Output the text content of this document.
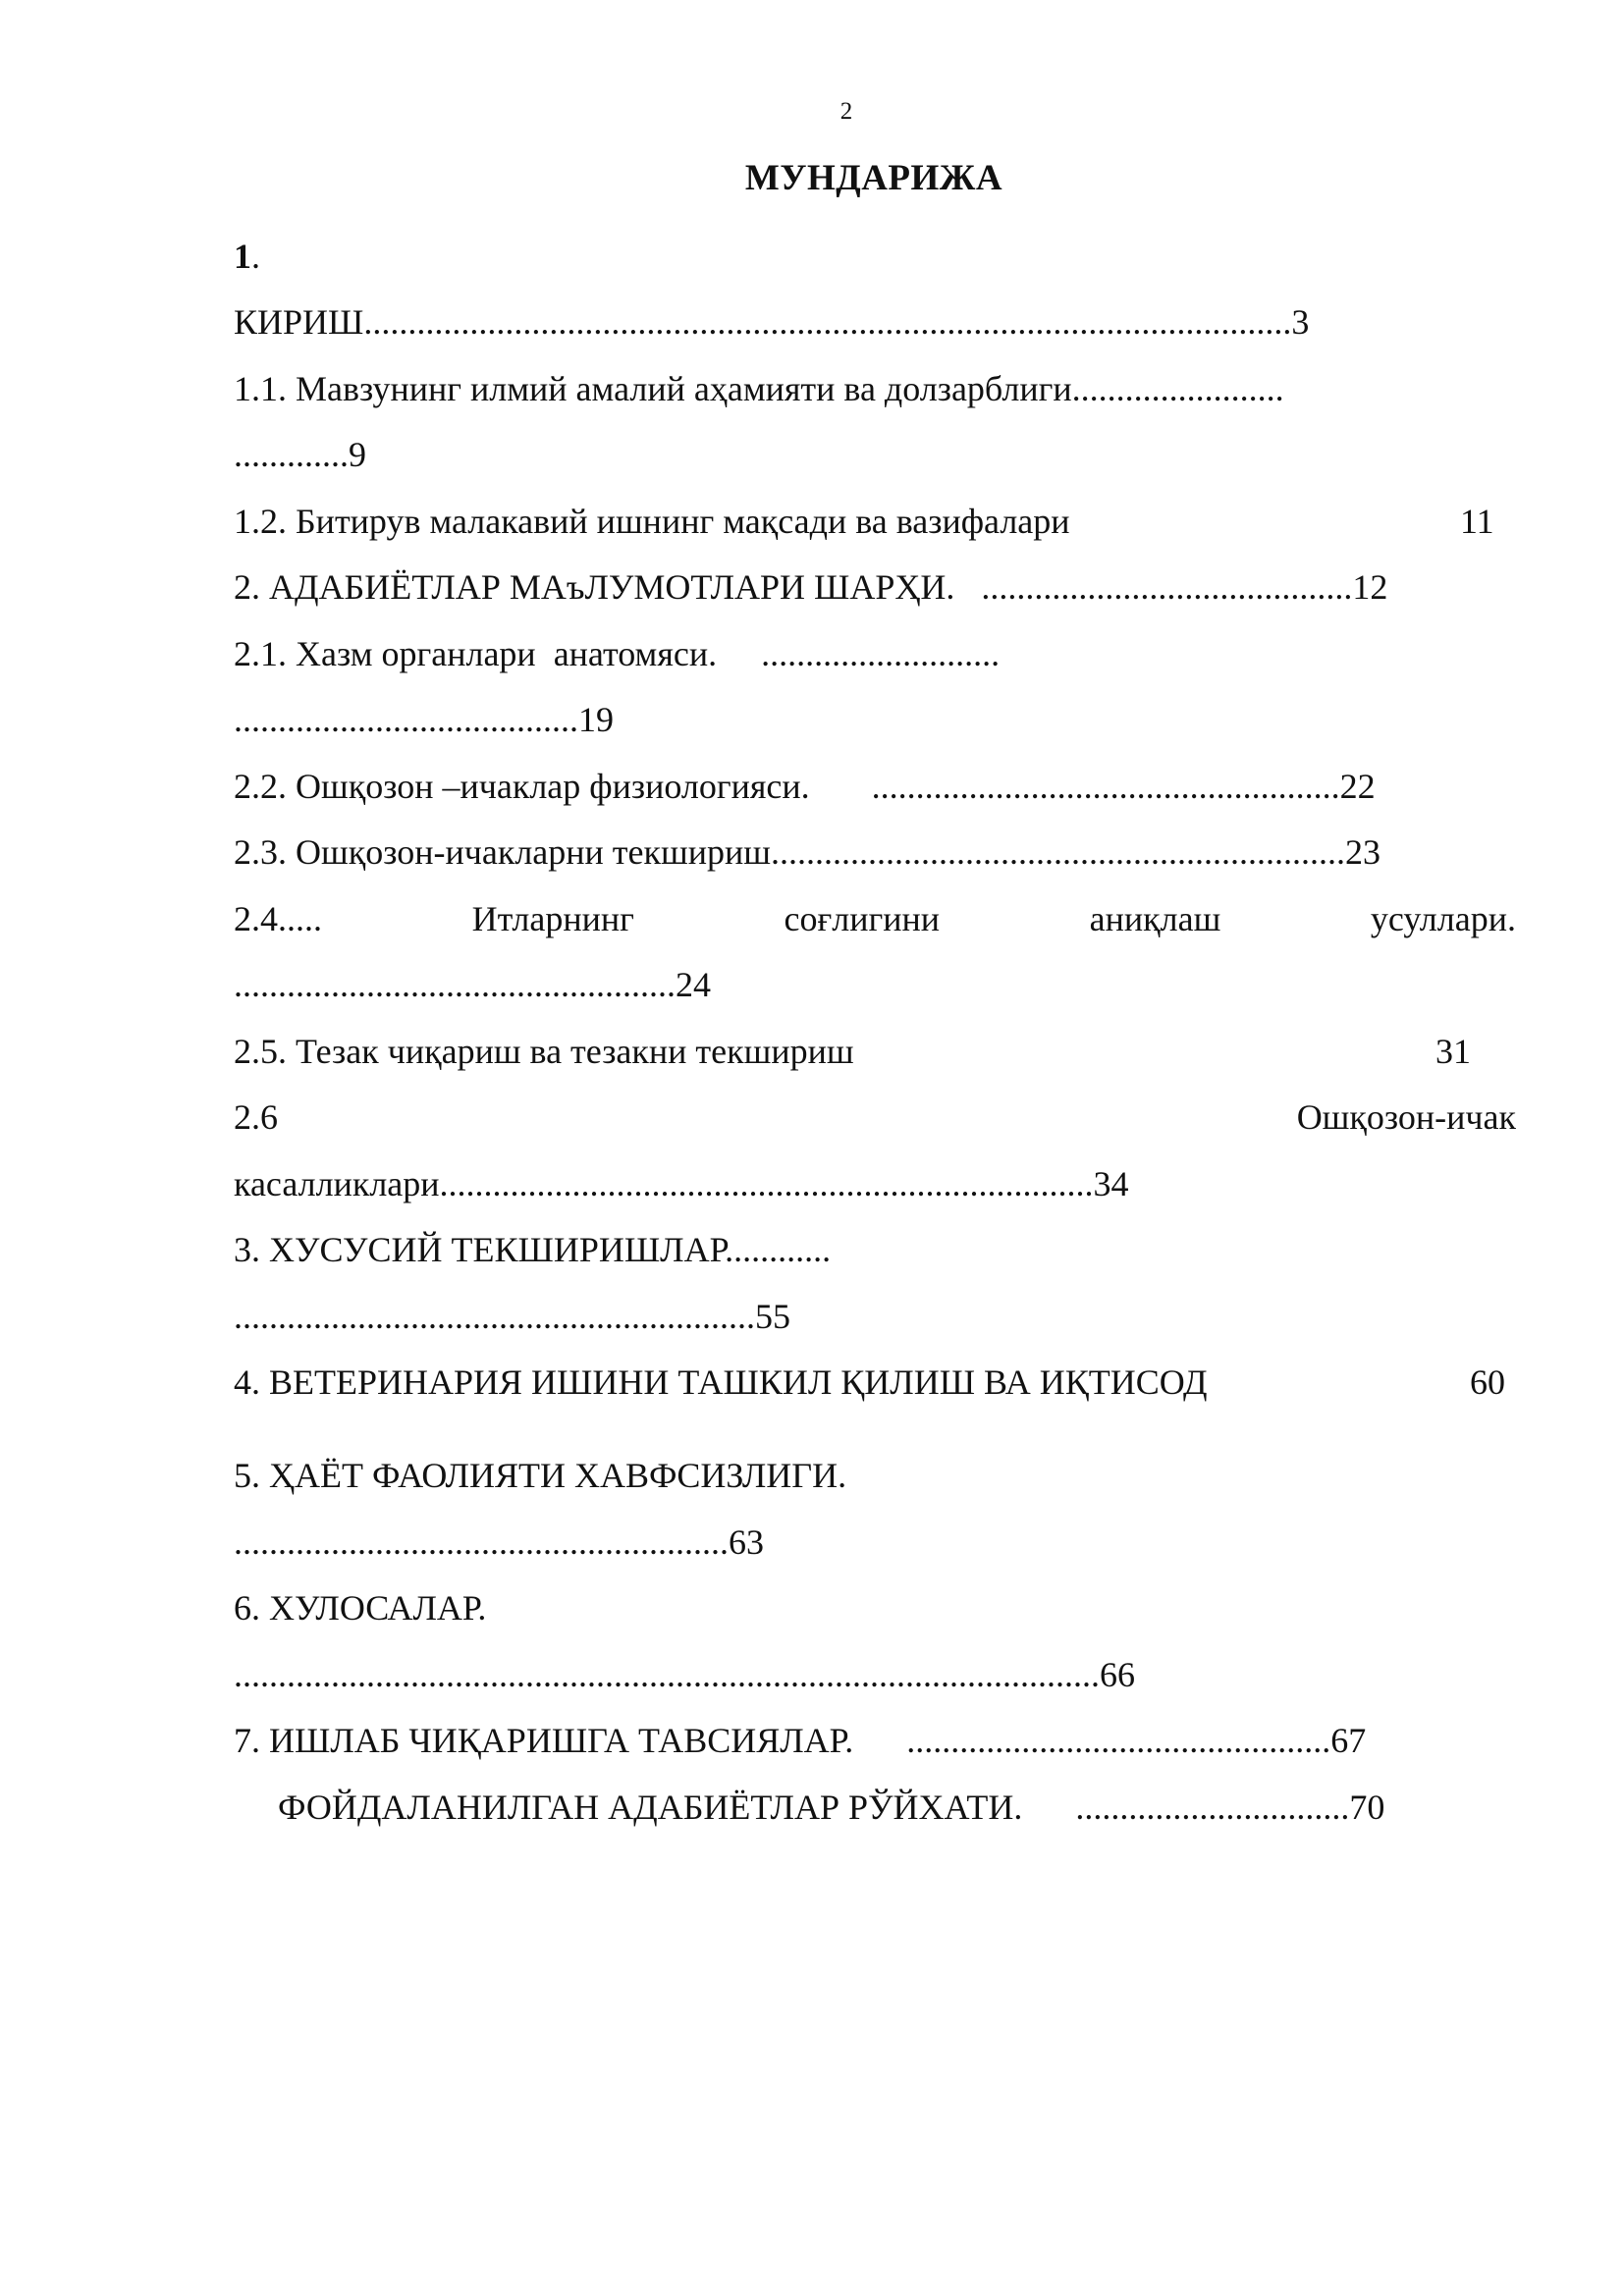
2
МУНДАРИЖА
1.
КИРИШ.........................................................................................................3
1.1. Мавзунинг илмий амалий аҳамияти ва долзарблиги........................
.............9
1.2. Битирув малакавий ишнинг мақсади ва вазифалари	11
2. АДАБИЁТЛАР МАъЛУМОТЛАРИ ШАРҲИ.   ..........................................12
2.1. Хазм органлари  анатомяси.     ...........................
.......................................19
2.2. Ошқозон –ичаклар физиологияси.       .....................................................22
2.3. Ошқозон-ичакларни текшириш.................................................................23
2.4.....	Итларнинг	соғлигини	аниқлаш	усуллари.
..................................................24
2.5. Тезак чиқариш ва тезакни текшириш	31
2.6	Ошқозон-ичак
касалликлари..........................................................................34
3. ХУСУСИЙ ТЕКШИРИШЛАР............
...........................................................55
4. ВЕТЕРИНАРИЯ ИШИНИ ТАШКИЛ ҚИЛИШ ВА ИҚТИСОД	60
5. ҲАЁТ ФАОЛИЯТИ ХАВФСИЗЛИГИ.
........................................................63
6. ХУЛОСАЛАР.
..................................................................................................66
7. ИШЛАБ ЧИҚАРИШГА ТАВСИЯЛАР.      ................................................67
ФОЙДАЛАНИЛГАН АДАБИЁТЛАР РЎЙХАТИ.      ...............................70
